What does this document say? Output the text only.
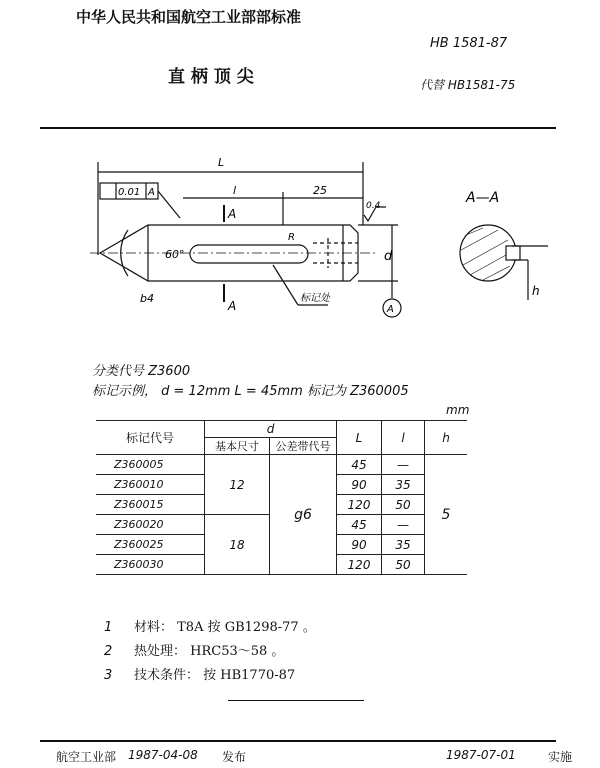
中华人民共和国航空工业部部标准
HB 1581-87
直 柄 顶 尖	代替 HB1581-75
L
l	25
0.01 A
0.4
60°
b4
R
d
A
A
标记处
A
A—A
h
分类代号 Z3600
标记示例， d = 12mm L = 45mm 标记为 Z360005
mm
标记代号	d		L	l	h
	基本尺寸	公差带代号			
Z360005	12	g6	45	—	5
Z360010			90	35	
Z360015			120	50	
Z360020	18		45	—	
Z360025			90	35	
Z360030			120	50	
1 材料： T8A 按 GB1298-77 。
2 热处理： HRC53～58 。
3 技术条件： 按 HB1770-87
航空工业部 1987-04-08 发布	1987-07-01	实施
